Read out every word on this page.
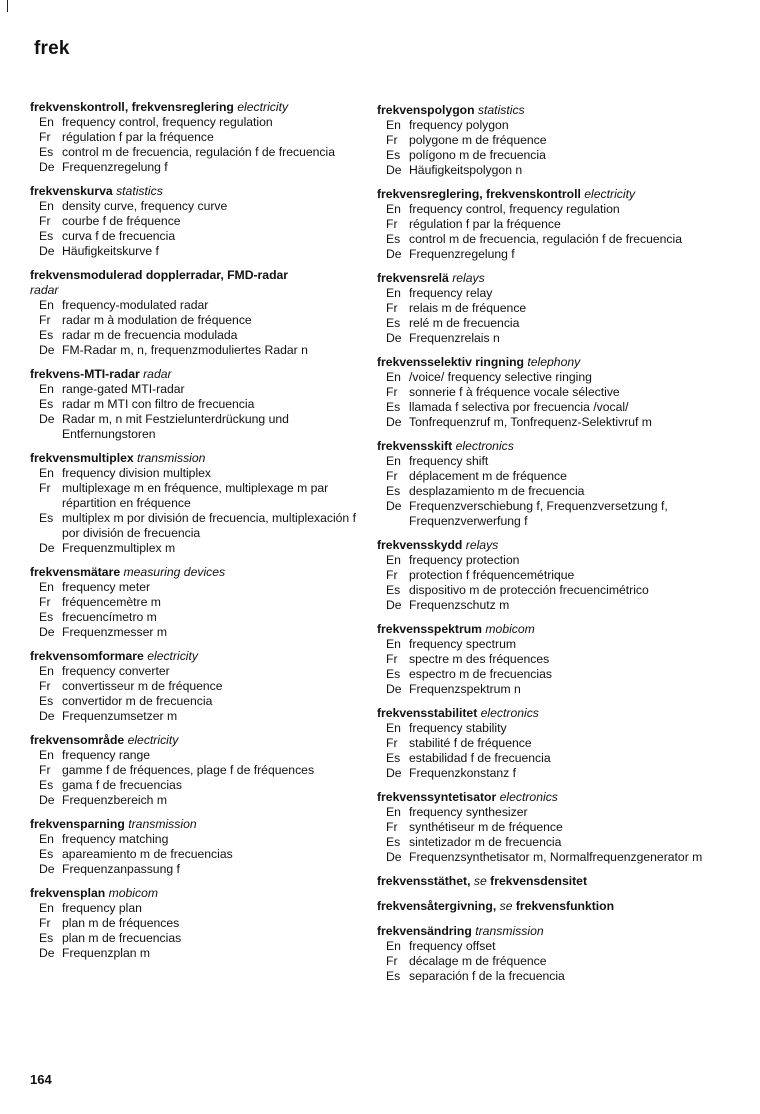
frek
frekvenskontroll, frekvensreglering electricity
En frequency control, frequency regulation
Fr régulation f par la fréquence
Es control m de frecuencia, regulación f de frecuencia
De Frequenzregelung f
frekvenskurva statistics
En density curve, frequency curve
Fr courbe f de fréquence
Es curva f de frecuencia
De Häufigkeitskurve f
frekvensmodulerad dopplerradar, FMD-radar
radar
En frequency-modulated radar
Fr radar m à modulation de fréquence
Es radar m de frecuencia modulada
De FM-Radar m, n, frequenzmoduliertes Radar n
frekvens-MTI-radar radar
En range-gated MTI-radar
Es radar m MTI con filtro de frecuencia
De Radar m, n mit Festzielunterdrückung und Entfernungstoren
frekvensmultiplex transmission
En frequency division multiplex
Fr multiplexage m en fréquence, multiplexage m par répartition en fréquence
Es multiplex m por división de frecuencia, multiplexación f por división de frecuencia
De Frequenzmultiplex m
frekvensmätare measuring devices
En frequency meter
Fr fréquencemètre m
Es frecuencímetro m
De Frequenzmesser m
frekvensomformare electricity
En frequency converter
Fr convertisseur m de fréquence
Es convertidor m de frecuencia
De Frequenzumsetzer m
frekvensområde electricity
En frequency range
Fr gamme f de fréquences, plage f de fréquences
Es gama f de frecuencias
De Frequenzbereich m
frekvensparning transmission
En frequency matching
Es apareamiento m de frecuencias
De Frequenzanpassung f
frekvensplan mobicom
En frequency plan
Fr plan m de fréquences
Es plan m de frecuencias
De Frequenzplan m
frekvenspolygon statistics
En frequency polygon
Fr polygone m de fréquence
Es polígono m de frecuencia
De Häufigkeitspolygon n
frekvensreglering, frekvenskontroll electricity
En frequency control, frequency regulation
Fr régulation f par la fréquence
Es control m de frecuencia, regulación f de frecuencia
De Frequenzregelung f
frekvensrelä relays
En frequency relay
Fr relais m de fréquence
Es relé m de frecuencia
De Frequenzrelais n
frekvensselektiv ringning telephony
En /voice/ frequency selective ringing
Fr sonnerie f à fréquence vocale sélective
Es llamada f selectiva por frecuencia /vocal/
De Tonfrequenzruf m, Tonfrequenz-Selektivruf m
frekvensskift electronics
En frequency shift
Fr déplacement m de fréquence
Es desplazamiento m de frecuencia
De Frequenzverschiebung f, Frequenzversetzung f, Frequenzverwerfung f
frekvensskydd relays
En frequency protection
Fr protection f fréquencemétrique
Es dispositivo m de protección frecuencimétrico
De Frequenzschutz m
frekvensspektrum mobicom
En frequency spectrum
Fr spectre m des fréquences
Es espectro m de frecuencias
De Frequenzspektrum n
frekvensstabilitet electronics
En frequency stability
Fr stabilité f de fréquence
Es estabilidad f de frecuencia
De Frequenzkonstanz f
frekvenssyntetisator electronics
En frequency synthesizer
Fr synthétiseur m de fréquence
Es sintetizador m de frecuencia
De Frequenzsynthetisator m, Normalfrequenzgenerator m
frekvensstäthet, se frekvensdensitet
frekvensåtergivning, se frekvensfunktion
frekvensändring transmission
En frequency offset
Fr décalage m de fréquence
Es separación f de la frecuencia
164
